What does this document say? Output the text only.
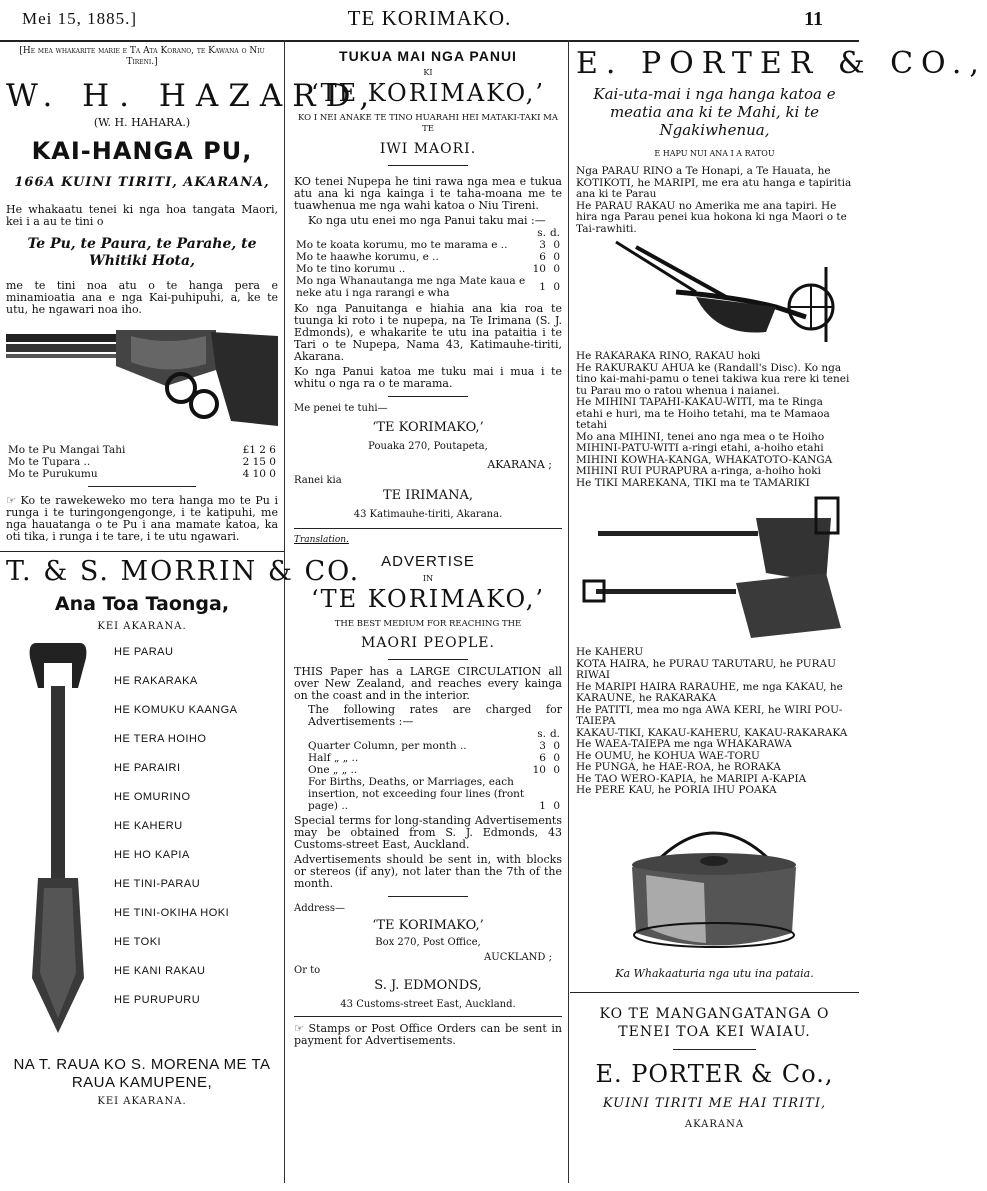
Mei 15, 1885.]	TE KORIMAKO.	11
[He mea whakarite marie e Ta Ata Korano, te Kawana o Niu Tireni.]
W. H. HAZARD,
(W. H. HAHARA.)
KAI-HANGA PU,
166A KUINI TIRITI, AKARANA,
He whakaatu tenei ki nga hoa tangata Maori, kei i a au te tini o
Te Pu, te Paura, te Parahe, te Whitiki Hota,
me te tini noa atu o te hanga pera e minamioatia ana e nga Kai-puhipuhi, a, ke te utu, he ngawari noa iho.
Mo te Pu Mangai Tahi	£1 2 6
Mo te Tupara ..	2 15 0
Mo te Purukumu	4 10 0
☞ Ko te rawekeweko mo tera hanga mo te Pu i runga i te turingongengonge, i te katipuhi, me nga hauatanga o te Pu i ana mamate katoa, ka oti tika, i runga i te tare, i te utu ngawari.
T. & S. MORRIN & CO.
Ana Toa Taonga,
KEI AKARANA.
HE PARAU
HE RAKARAKA
HE KOMUKU KAANGA
HE TERA HOIHO
HE PARAIRI
HE OMURINO
HE KAHERU
HE HO KAPIA
HE TINI-PARAU
HE TINI-OKIHA HOKI
HE TOKI
HE KANI RAKAU
HE PURUPURU
NA T. RAUA KO S. MORENA ME TA RAUA KAMUPENE,
KEI AKARANA.
TUKUA MAI NGA PANUI
KI
‘TE KORIMAKO,’
KO I NEI ANAKE TE TINO HUARAHI HEI MATAKI-TAKI MA TE
IWI MAORI.
KO tenei Nupepa he tini rawa nga mea e tukua atu ana ki nga kainga i te taha-moana me te tuawhenua me nga wahi katoa o Niu Tireni.
Ko nga utu enei mo nga Panui taku mai :—
	s.	d.
Mo te koata korumu, mo te marama e ..	3	0
Mo te haawhe korumu, e ..	6	0
Mo te tino korumu ..	10	0
Mo nga Whanautanga me nga Mate kaua e neke atu i nga rarangi e wha	1	0
Ko nga Panuitanga e hiahia ana kia roa te tuunga ki roto i te nupepa, na Te Irimana (S. J. Edmonds), e whakarite te utu ina pataitia i te Tari o te Nupepa, Nama 43, Katimauhe-tiriti, Akarana.
Ko nga Panui katoa me tuku mai i mua i te whitu o nga ra o te marama.
Me penei te tuhi—
‘TE KORIMAKO,’
Pouaka 270, Poutapeta,
AKARANA ;
Ranei kia
TE IRIMANA,
43 Katimauhe-tiriti, Akarana.
Translation.
ADVERTISE
IN
‘TE KORIMAKO,’
THE BEST MEDIUM FOR REACHING THE
MAORI PEOPLE.
THIS Paper has a LARGE CIRCULATION all over New Zealand, and reaches every kainga on the coast and in the interior.
The following rates are charged for Advertisements :—
	s.	d.
Quarter Column, per month ..	3	0
Half „ „ ..	6	0
One „ „ ..	10	0
For Births, Deaths, or Marriages, each insertion, not exceeding four lines (front page) ..	1	0
Special terms for long-standing Advertisements may be obtained from S. J. Edmonds, 43 Customs-street East, Auckland.
Advertisements should be sent in, with blocks or stereos (if any), not later than the 7th of the month.
Address—
‘TE KORIMAKO,’
Box 270, Post Office,
AUCKLAND ;
Or to
S. J. EDMONDS,
43 Customs-street East, Auckland.
☞ Stamps or Post Office Orders can be sent in payment for Advertisements.
E. PORTER & CO.,
Kai-uta-mai i nga hanga katoa e meatia ana ki te Mahi, ki te Ngakiwhenua,
E HAPU NUI ANA I A RATOU
Nga PARAU RINO a Te Honapi, a Te Hauata, he KOTIKOTI, he MARIPI, me era atu hanga e tapiritia ana ki te Parau
He PARAU RAKAU no Amerika me ana tapiri. He hira nga Parau penei kua hokona ki nga Maori o te Tai-rawhiti.
He RAKARAKA RINO, RAKAU hoki
He RAKURAKU AHUA ke (Randall's Disc). Ko nga tino kai-mahi-pamu o tenei takiwa kua rere ki tenei tu Parau mo o ratou whenua i naianei.
He MIHINI TAPAHI-KAKAU-WITI, ma te Ringa etahi e huri, ma te Hoiho tetahi, ma te Mamaoa tetahi
Mo ana MIHINI, tenei ano nga mea o te Hoiho
MIHINI-PATU-WITI a-ringi etahi, a-hoiho etahi
MIHINI KOWHA-KANGA, WHAKATOTO-KANGA
MIHINI RUI PURAPURA a-ringa, a-hoiho hoki
He TIKI MAREKANA, TIKI ma te TAMARIKI
He KAHERU
KOTA HAIRA, he PURAU TARUTARU, he PURAU RIWAI
He MARIPI HAIRA RARAUHE, me nga KAKAU, he KARAUNE, he RAKARAKA
He PATITI, mea mo nga AWA KERI, he WIRI POU-TAIEPA
KAKAU-TIKI, KAKAU-KAHERU, KAKAU-RAKARAKA
He WAEA-TAIEPA me nga WHAKARAWA
He OUMU, he KOHUA WAE-TORU
He PUNGA, he HAE-ROA, he RORAKA
He TAO WERO-KAPIA, he MARIPI A-KAPIA
He PERE KAU, he PORIA IHU POAKA
Ka Whakaaturia nga utu ina pataia.
KO TE MANGANGATANGA O TENEI TOA KEI WAIAU.
E. PORTER & Co.,
KUINI TIRITI ME HAI TIRITI,
AKARANA
